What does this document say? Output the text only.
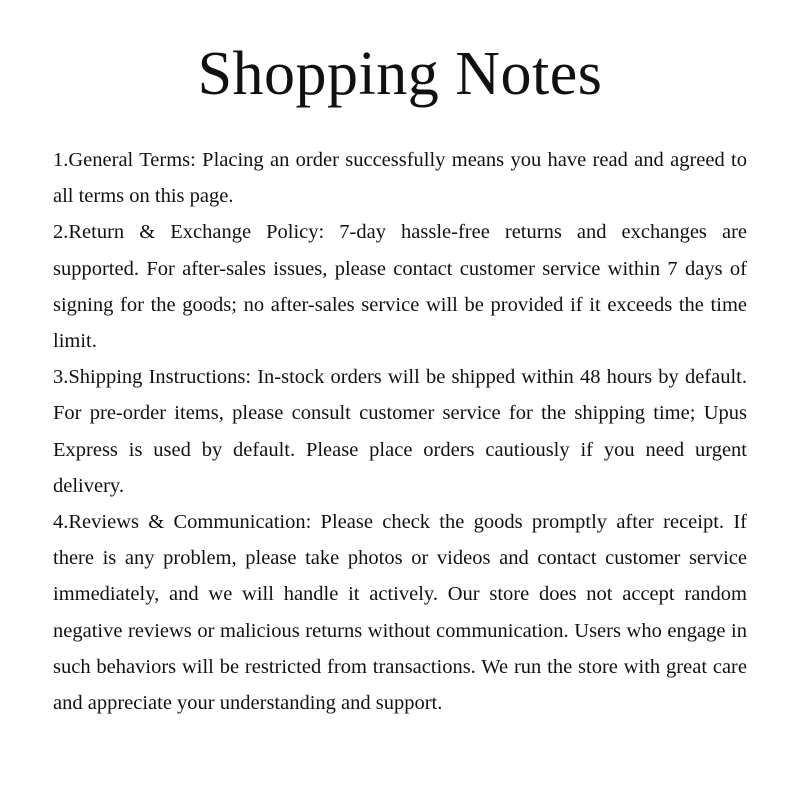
Shopping Notes

1.General Terms: Placing an order successfully means you have read and agreed to all terms on this page.

2.Return & Exchange Policy: 7-day hassle-free returns and exchanges are supported. For after-sales issues, please contact customer service within 7 days of signing for the goods; no after-sales service will be provided if it exceeds the time limit.

3.Shipping Instructions: In-stock orders will be shipped within 48 hours by default. For pre-order items, please consult customer service for the shipping time; Upus Express is used by default. Please place orders cautiously if you need urgent delivery.

4.Reviews & Communication: Please check the goods promptly after receipt. If there is any problem, please take photos or videos and contact customer service immediately, and we will handle it actively. Our store does not accept random negative reviews or malicious returns without communication. Users who engage in such behaviors will be restricted from transactions. We run the store with great care and appreciate your understanding and support.
